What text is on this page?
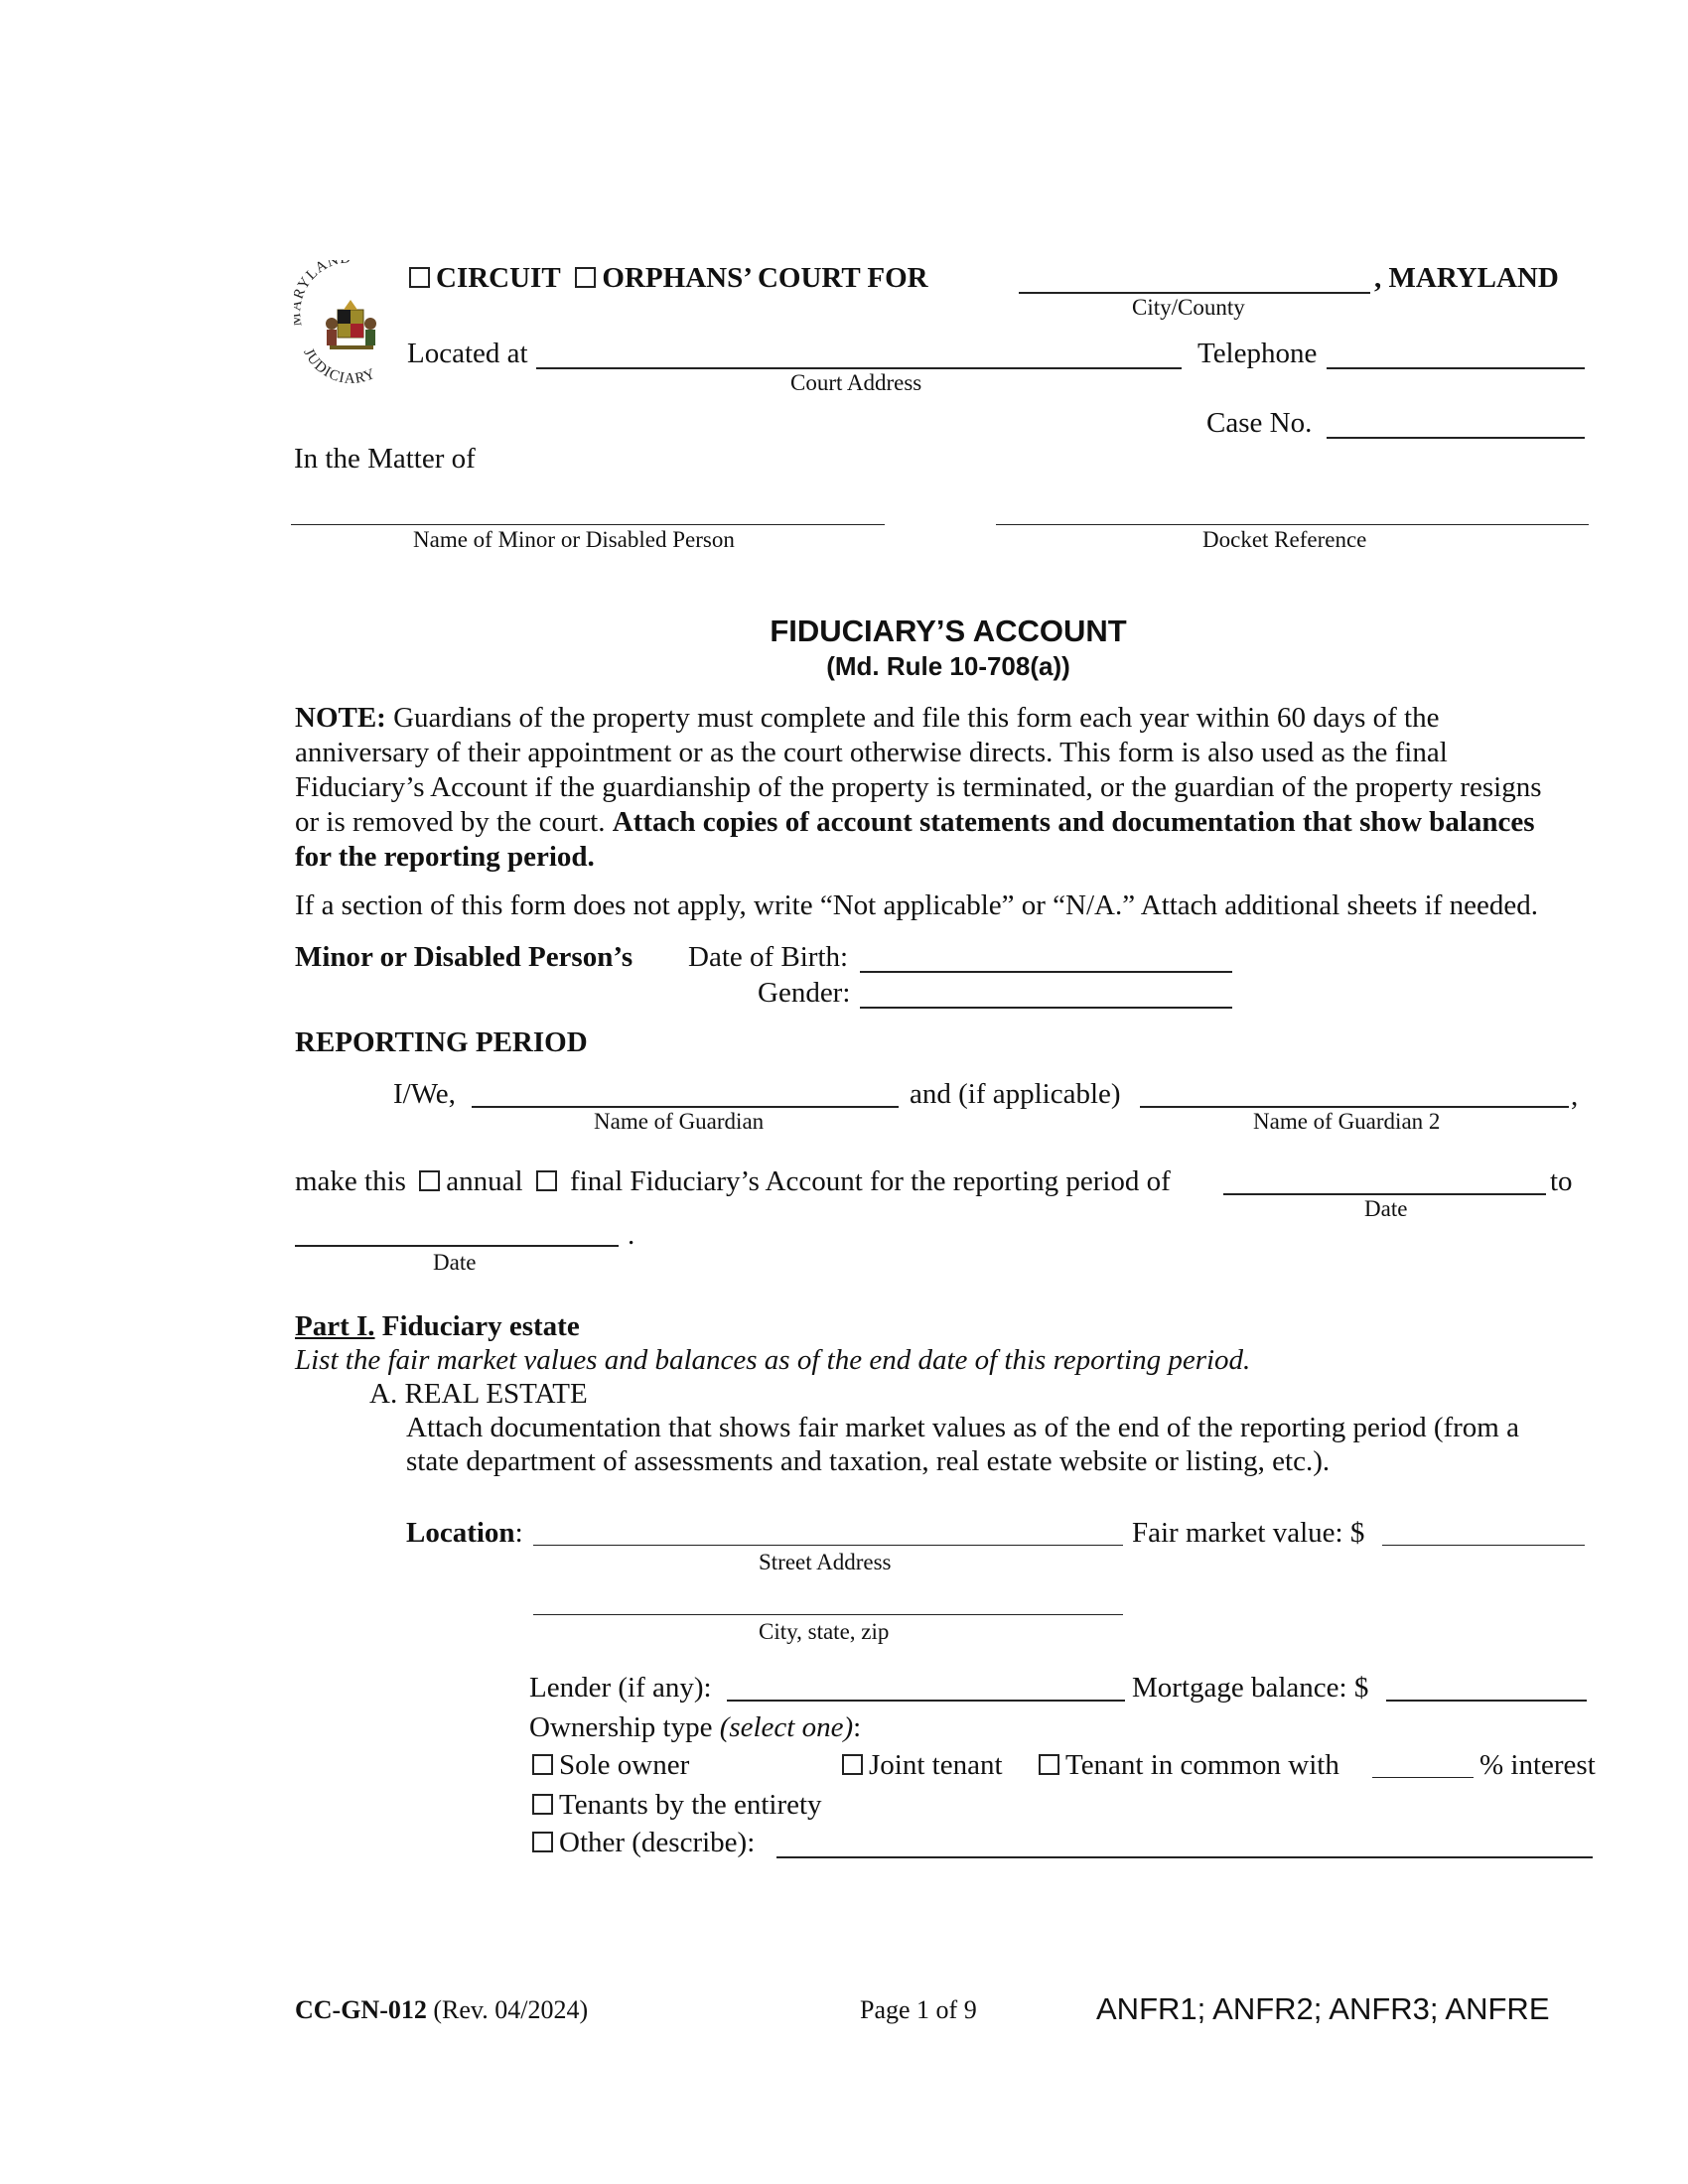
YLAN
JUDICIARY
CIRCUIT ORPHANS’ COURT FOR	, MARYLAND
City/County
Located at	Telephone
Court Address
Case No.
In the Matter of
Name of Minor or Disabled Person	Docket Reference
FIDUCIARY’S ACCOUNT
(Md. Rule 10-708(a))
NOTE: Guardians of the property must complete and file this form each year within 60 days of the
anniversary of their appointment or as the court otherwise directs. This form is also used as the final
Fiduciary’s Account if the guardianship of the property is terminated, or the guardian of the property resigns
or is removed by the court. Attach copies of account statements and documentation that show balances
for the reporting period.
If a section of this form does not apply, write “Not applicable” or “N/A.” Attach additional sheets if needed.
Minor or Disabled Person’s Date of Birth:
Gender:
REPORTING PERIOD
I/We,	and (if applicable)	,
Name of Guardian	Name of Guardian 2
make this annual final Fiduciary’s Account for the reporting period of	to
Date
.
Date
Part I. Fiduciary estate
List the fair market values and balances as of the end date of this reporting period.
A. REAL ESTATE
Attach documentation that shows fair market values as of the end of the reporting period (from a
state department of assessments and taxation, real estate website or listing, etc.).
Location:	Fair market value: $
Street Address
City, state, zip
Lender (if any):	Mortgage balance: $
Ownership type (select one):
Sole owner	Joint tenant	Tenant in common with	% interest
Tenants by the entirety
Other (describe):
CC-GN-012 (Rev. 04/2024)	Page 1 of 9	ANFR1; ANFR2; ANFR3; ANFRE
